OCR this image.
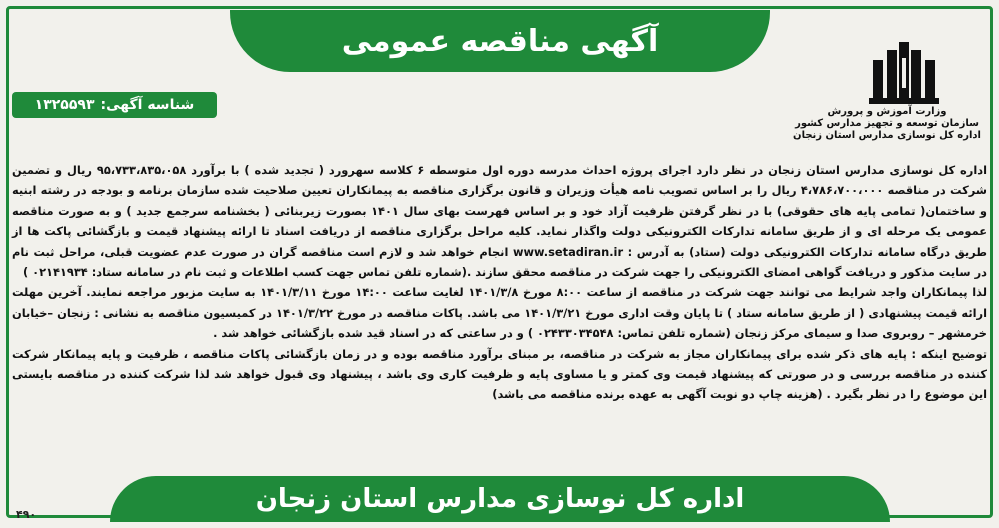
آگهی مناقصه عمومی
وزارت آموزش و پرورش
سازمان توسعه و تجهیز مدارس کشور
اداره کل نوسازی مدارس استان زنجان
شناسه آگهی:
۱۳۲۵۵۹۳

اداره کل نوسازی مدارس استان زنجان در نظر دارد اجرای پروژه احداث مدرسه دوره اول متوسطه ۶ کلاسه سهرورد ( تجدید شده ) با برآورد ۹۵،۷۳۳،۸۳۵،۰۵۸ ریال و تضمین شرکت در مناقصه ۴،۷۸۶،۷۰۰،۰۰۰ ریال را بر اساس تصویب نامه هیأت وزیران و قانون برگزاری مناقصه به پیمانکاران تعیین صلاحیت شده سازمان برنامه و بودجه در رشته ابنیه و ساختمان( تمامی پایه های حقوقی) با در نظر گرفتن ظرفیت آزاد خود و بر اساس فهرست بهای سال ۱۴۰۱ بصورت زیربنائی ( بخشنامه سرجمع جدید ) و به صورت مناقصه عمومی یک مرحله ای و از طریق سامانه تدارکات الکترونیکی دولت واگذار نماید. کلیه مراحل برگزاری مناقصه از دریافت اسناد تا ارائه پیشنهاد قیمت و بازگشائی پاکت ها از طریق درگاه سامانه تدارکات الکترونیکی دولت (ستاد) به آدرس : www.setadiran.ir انجام خواهد شد و لازم است مناقصه گران در صورت عدم عضویت قبلی، مراحل ثبت نام در سایت مذکور و دریافت گواهی امضای الکترونیکی را جهت شرکت در مناقصه محقق سازند .(شماره تلفن تماس جهت کسب اطلاعات و ثبت نام در سامانه ستاد: ۰۲۱۴۱۹۳۴ )

لذا پیمانکاران واجد شرایط می توانند جهت شرکت در مناقصه از ساعت ۸:۰۰ مورخ ۱۴۰۱/۳/۸ لغایت ساعت ۱۴:۰۰ مورخ ۱۴۰۱/۳/۱۱ به سایت مزبور مراجعه نمایند. آخرین مهلت ارائه قیمت پیشنهادی ( از طریق سامانه ستاد ) تا پایان وقت اداری مورخ ۱۴۰۱/۳/۲۱ می باشد. پاکات مناقصه در مورخ ۱۴۰۱/۳/۲۲ در کمیسیون مناقصه به نشانی : زنجان –خیابان خرمشهر – روبروی صدا و سیمای مرکز زنجان (شماره تلفن تماس: ۰۲۴۳۳۰۳۴۵۴۸ ) و در ساعتی که در اسناد قید شده بازگشائی خواهد شد .

توضیح اینکه : پایه های ذکر شده برای پیمانکاران مجاز به شرکت در مناقصه، بر مبنای برآورد مناقصه بوده و در زمان بازگشائی پاکات مناقصه ، ظرفیت و پایه پیمانکار شرکت کننده در مناقصه بررسی و در صورتی که پیشنهاد قیمت وی کمتر و یا مساوی پایه و ظرفیت کاری وی باشد ، پیشنهاد وی قبول خواهد شد لذا شرکت کننده در مناقصه بایستی این موضوع را در نظر بگیرد . (هزینه چاپ دو نوبت آگهی به عهده برنده مناقصه می باشد)

اداره کل نوسازی مدارس استان زنجان
۴۹۰
